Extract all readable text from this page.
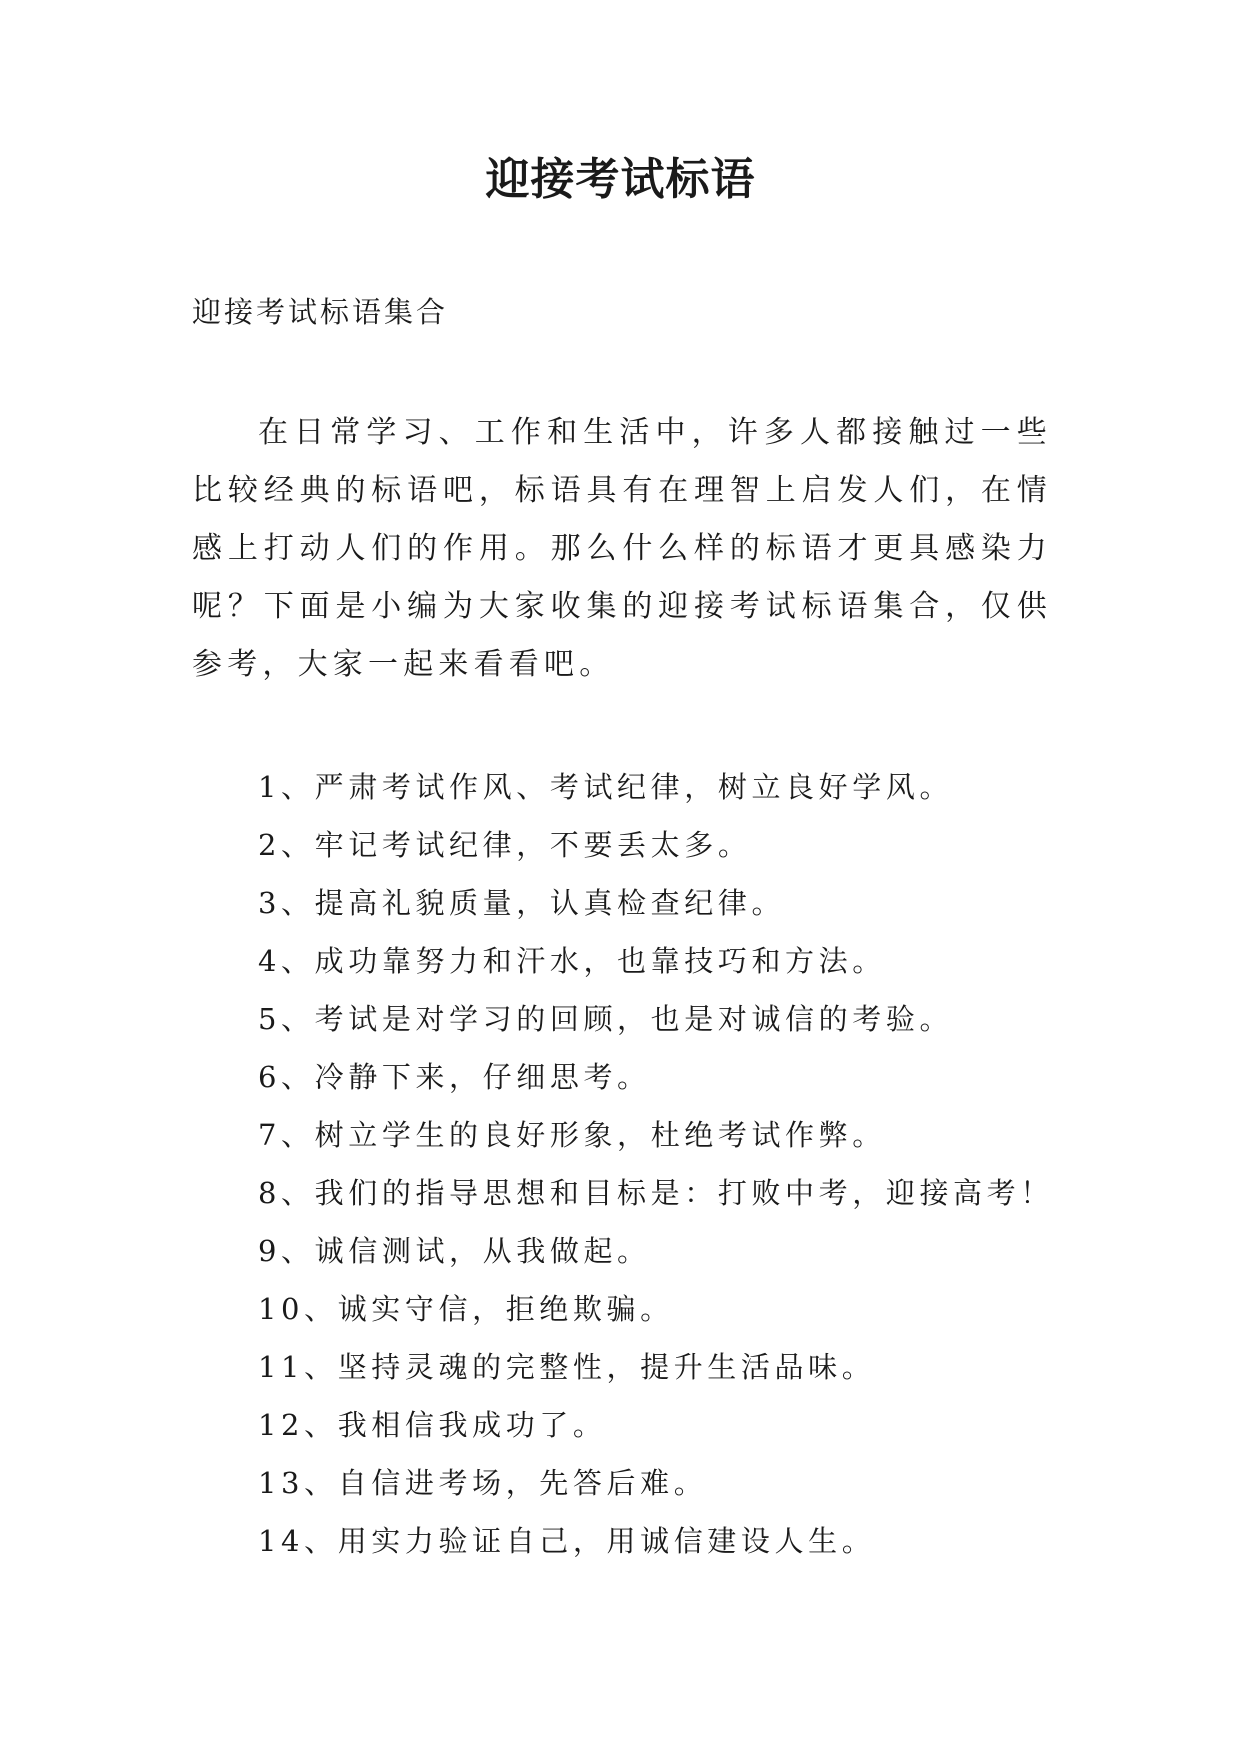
迎接考试标语

迎接考试标语集合

在日常学习、工作和生活中，许多人都接触过一些比较经典的标语吧，标语具有在理智上启发人们，在情感上打动人们的作用。那么什么样的标语才更具感染力呢？下面是小编为大家收集的迎接考试标语集合，仅供参考，大家一起来看看吧。

1、严肃考试作风、考试纪律，树立良好学风。
2、牢记考试纪律，不要丢太多。
3、提高礼貌质量，认真检查纪律。
4、成功靠努力和汗水，也靠技巧和方法。
5、考试是对学习的回顾，也是对诚信的考验。
6、冷静下来，仔细思考。
7、树立学生的良好形象，杜绝考试作弊。
8、我们的指导思想和目标是：打败中考，迎接高考！
9、诚信测试，从我做起。
10、诚实守信，拒绝欺骗。
11、坚持灵魂的完整性，提升生活品味。
12、我相信我成功了。
13、自信进考场，先答后难。
14、用实力验证自己，用诚信建设人生。
